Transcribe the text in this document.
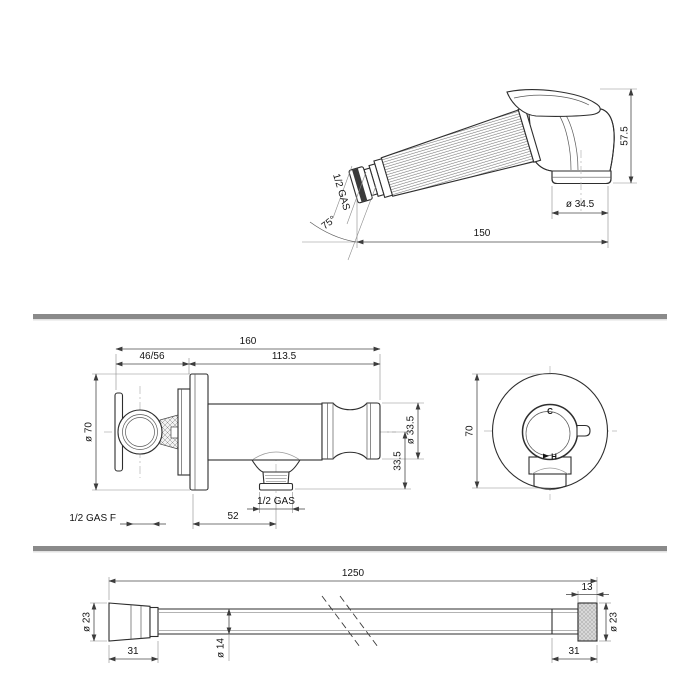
57.5
ø 34.5
150
75°
1/2 GAS
160
46/56	113.5
ø 70	ø 33.5
33.5
52
1/2 GAS
1/2 GAS F
C
H
70
1250
13
ø 23
31	ø 14	31
ø 23
